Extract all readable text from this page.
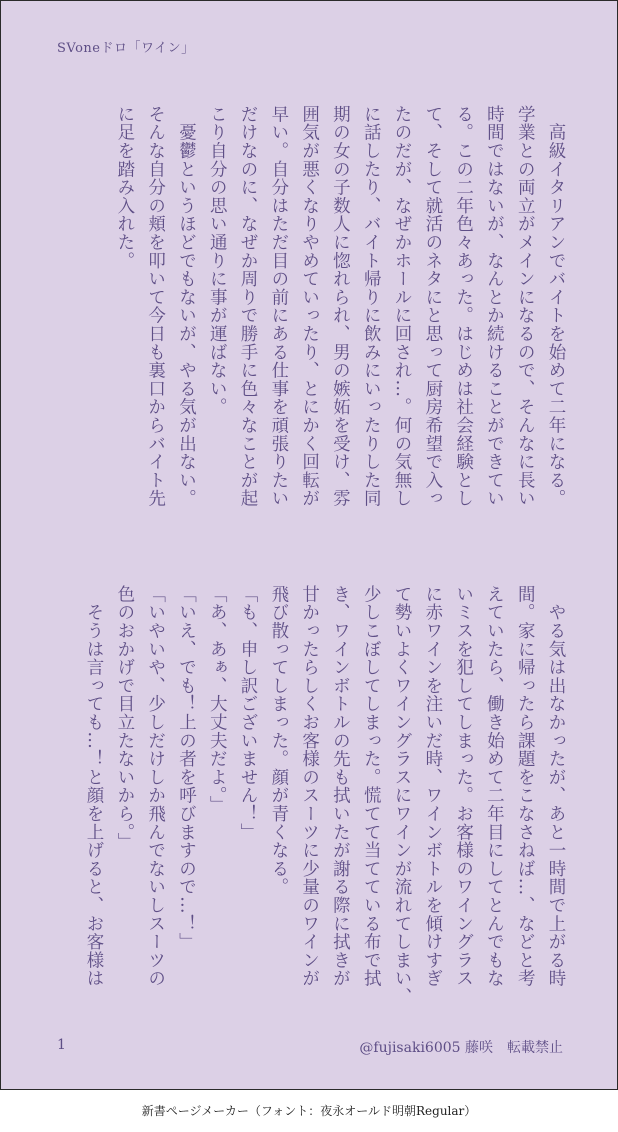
SVoneドロ「ワイン」
　高級イタリアンでバイトを始めて二年になる。
学業との両立がメインになるので、そんなに長い
時間ではないが、なんとか続けることができてい
る。この二年色々あった。はじめは社会経験とし
て、そして就活のネタにと思って厨房希望で入っ
たのだが、なぜかホールに回され…。何の気無し
に話したり、バイト帰りに飲みにいったりした同
期の女の子数人に惚れられ、男の嫉妬を受け、雰
囲気が悪くなりやめていったり、とにかく回転が
早い。自分はただ目の前にある仕事を頑張りたい
だけなのに、なぜか周りで勝手に色々なことが起
こり自分の思い通りに事が運ばない。
　憂鬱というほどでもないが、やる気が出ない。
そんな自分の頬を叩いて今日も裏口からバイト先
に足を踏み入れた。
　やる気は出なかったが、あと一時間で上がる時
間。家に帰ったら課題をこなさねば…、などと考
えていたら、働き始めて二年目にしてとんでもな
いミスを犯してしまった。お客様のワイングラス
に赤ワインを注いだ時、ワインボトルを傾けすぎ
て勢いよくワイングラスにワインが流れてしまい、
少しこぼしてしまった。慌てて当てている布で拭
き、ワインボトルの先も拭いたが謝る際に拭きが
甘かったらしくお客様のスーツに少量のワインが
飛び散ってしまった。顔が青くなる。
「も、申し訳ございません！」
「あ、あぁ、大丈夫だよ。」
「いえ、でも！上の者を呼びますので…！」
「いやいや、少しだけしか飛んでないしスーツの
色のおかげで目立たないから。」
　そうは言っても…！と顔を上げると、お客様は
1	@fujisaki6005 藤咲　転載禁止
新書ページメーカー（フォント：夜永オールド明朝Regular）
